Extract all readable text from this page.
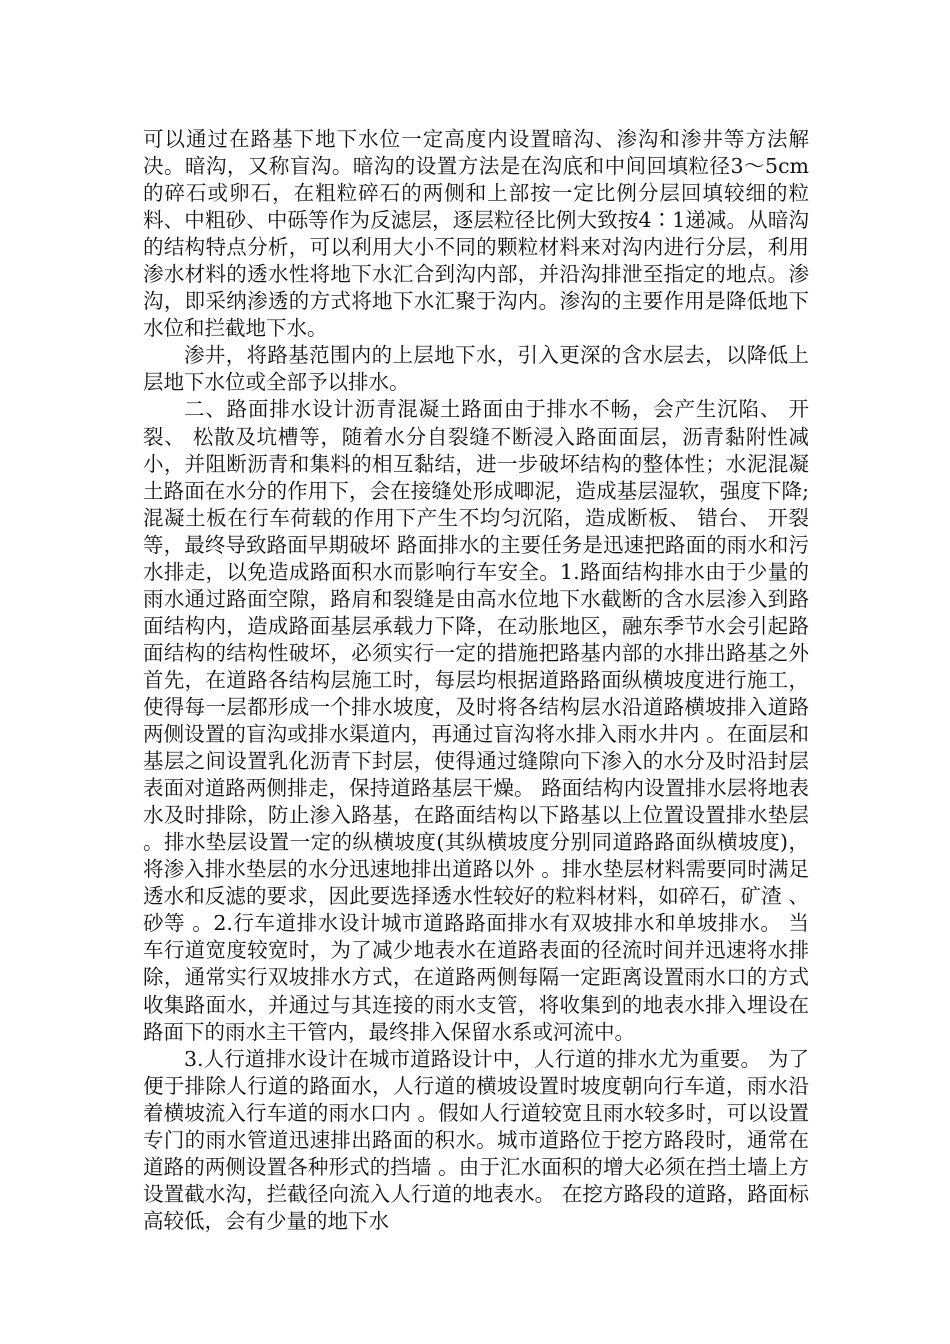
可以通过在路基下地下水位一定高度内设置暗沟、渗沟和渗井等方法解决。暗沟，又称盲沟。暗沟的设置方法是在沟底和中间回填粒径3～5cm的碎石或卵石，在粗粒碎石的两侧和上部按一定比例分层回填较细的粒料、中粗砂、中砾等作为反滤层，逐层粒径比例大致按4∶1递减。从暗沟的结构特点分析，可以利用大小不同的颗粒材料来对沟内进行分层，利用渗水材料的透水性将地下水汇合到沟内部，并沿沟排泄至指定的地点。渗沟，即采纳渗透的方式将地下水汇聚于沟内。渗沟的主要作用是降低地下水位和拦截地下水。

渗井，将路基范围内的上层地下水，引入更深的含水层去，以降低上层地下水位或全部予以排水。

二、路面排水设计沥青混凝土路面由于排水不畅，会产生沉陷、 开裂、 松散及坑槽等，随着水分自裂缝不断浸入路面面层，沥青黏附性减小，并阻断沥青和集料的相互黏结，进一步破坏结构的整体性；水泥混凝土路面在水分的作用下，会在接缝处形成唧泥，造成基层湿软，强度下降;混凝土板在行车荷载的作用下产生不均匀沉陷，造成断板、 错台、 开裂等，最终导致路面早期破坏 路面排水的主要任务是迅速把路面的雨水和污水排走，以免造成路面积水而影响行车安全。1.路面结构排水由于少量的雨水通过路面空隙，路肩和裂缝是由高水位地下水截断的含水层渗入到路面结构内，造成路面基层承载力下降，在动胀地区，融东季节水会引起路面结构的结构性破坏，必须实行一定的措施把路基内部的水排出路基之外 首先，在道路各结构层施工时，每层均根据道路路面纵横坡度进行施工，使得每一层都形成一个排水坡度，及时将各结构层水沿道路横坡排入道路两侧设置的盲沟或排水渠道内，再通过盲沟将水排入雨水井内 。在面层和基层之间设置乳化沥青下封层，使得通过缝隙向下渗入的水分及时沿封层表面对道路两侧排走，保持道路基层干燥。 路面结构内设置排水层将地表水及时排除，防止渗入路基，在路面结构以下路基以上位置设置排水垫层 。排水垫层设置一定的纵横坡度(其纵横坡度分别同道路路面纵横坡度)，将渗入排水垫层的水分迅速地排出道路以外 。排水垫层材料需要同时满足透水和反滤的要求，因此要选择透水性较好的粒料材料，如碎石，矿渣 、砂等 。2.行车道排水设计城市道路路面排水有双坡排水和单坡排水。 当车行道宽度较宽时，为了减少地表水在道路表面的径流时间并迅速将水排除，通常实行双坡排水方式，在道路两侧每隔一定距离设置雨水口的方式收集路面水，并通过与其连接的雨水支管，将收集到的地表水排入埋设在路面下的雨水主干管内，最终排入保留水系或河流中。

3.人行道排水设计在城市道路设计中，人行道的排水尤为重要。 为了便于排除人行道的路面水，人行道的横坡设置时坡度朝向行车道，雨水沿着横坡流入行车道的雨水口内 。假如人行道较宽且雨水较多时，可以设置专门的雨水管道迅速排出路面的积水。城市道路位于挖方路段时，通常在道路的两侧设置各种形式的挡墙 。由于汇水面积的增大必须在挡土墙上方设置截水沟，拦截径向流入人行道的地表水。 在挖方路段的道路，路面标高较低，会有少量的地下水
